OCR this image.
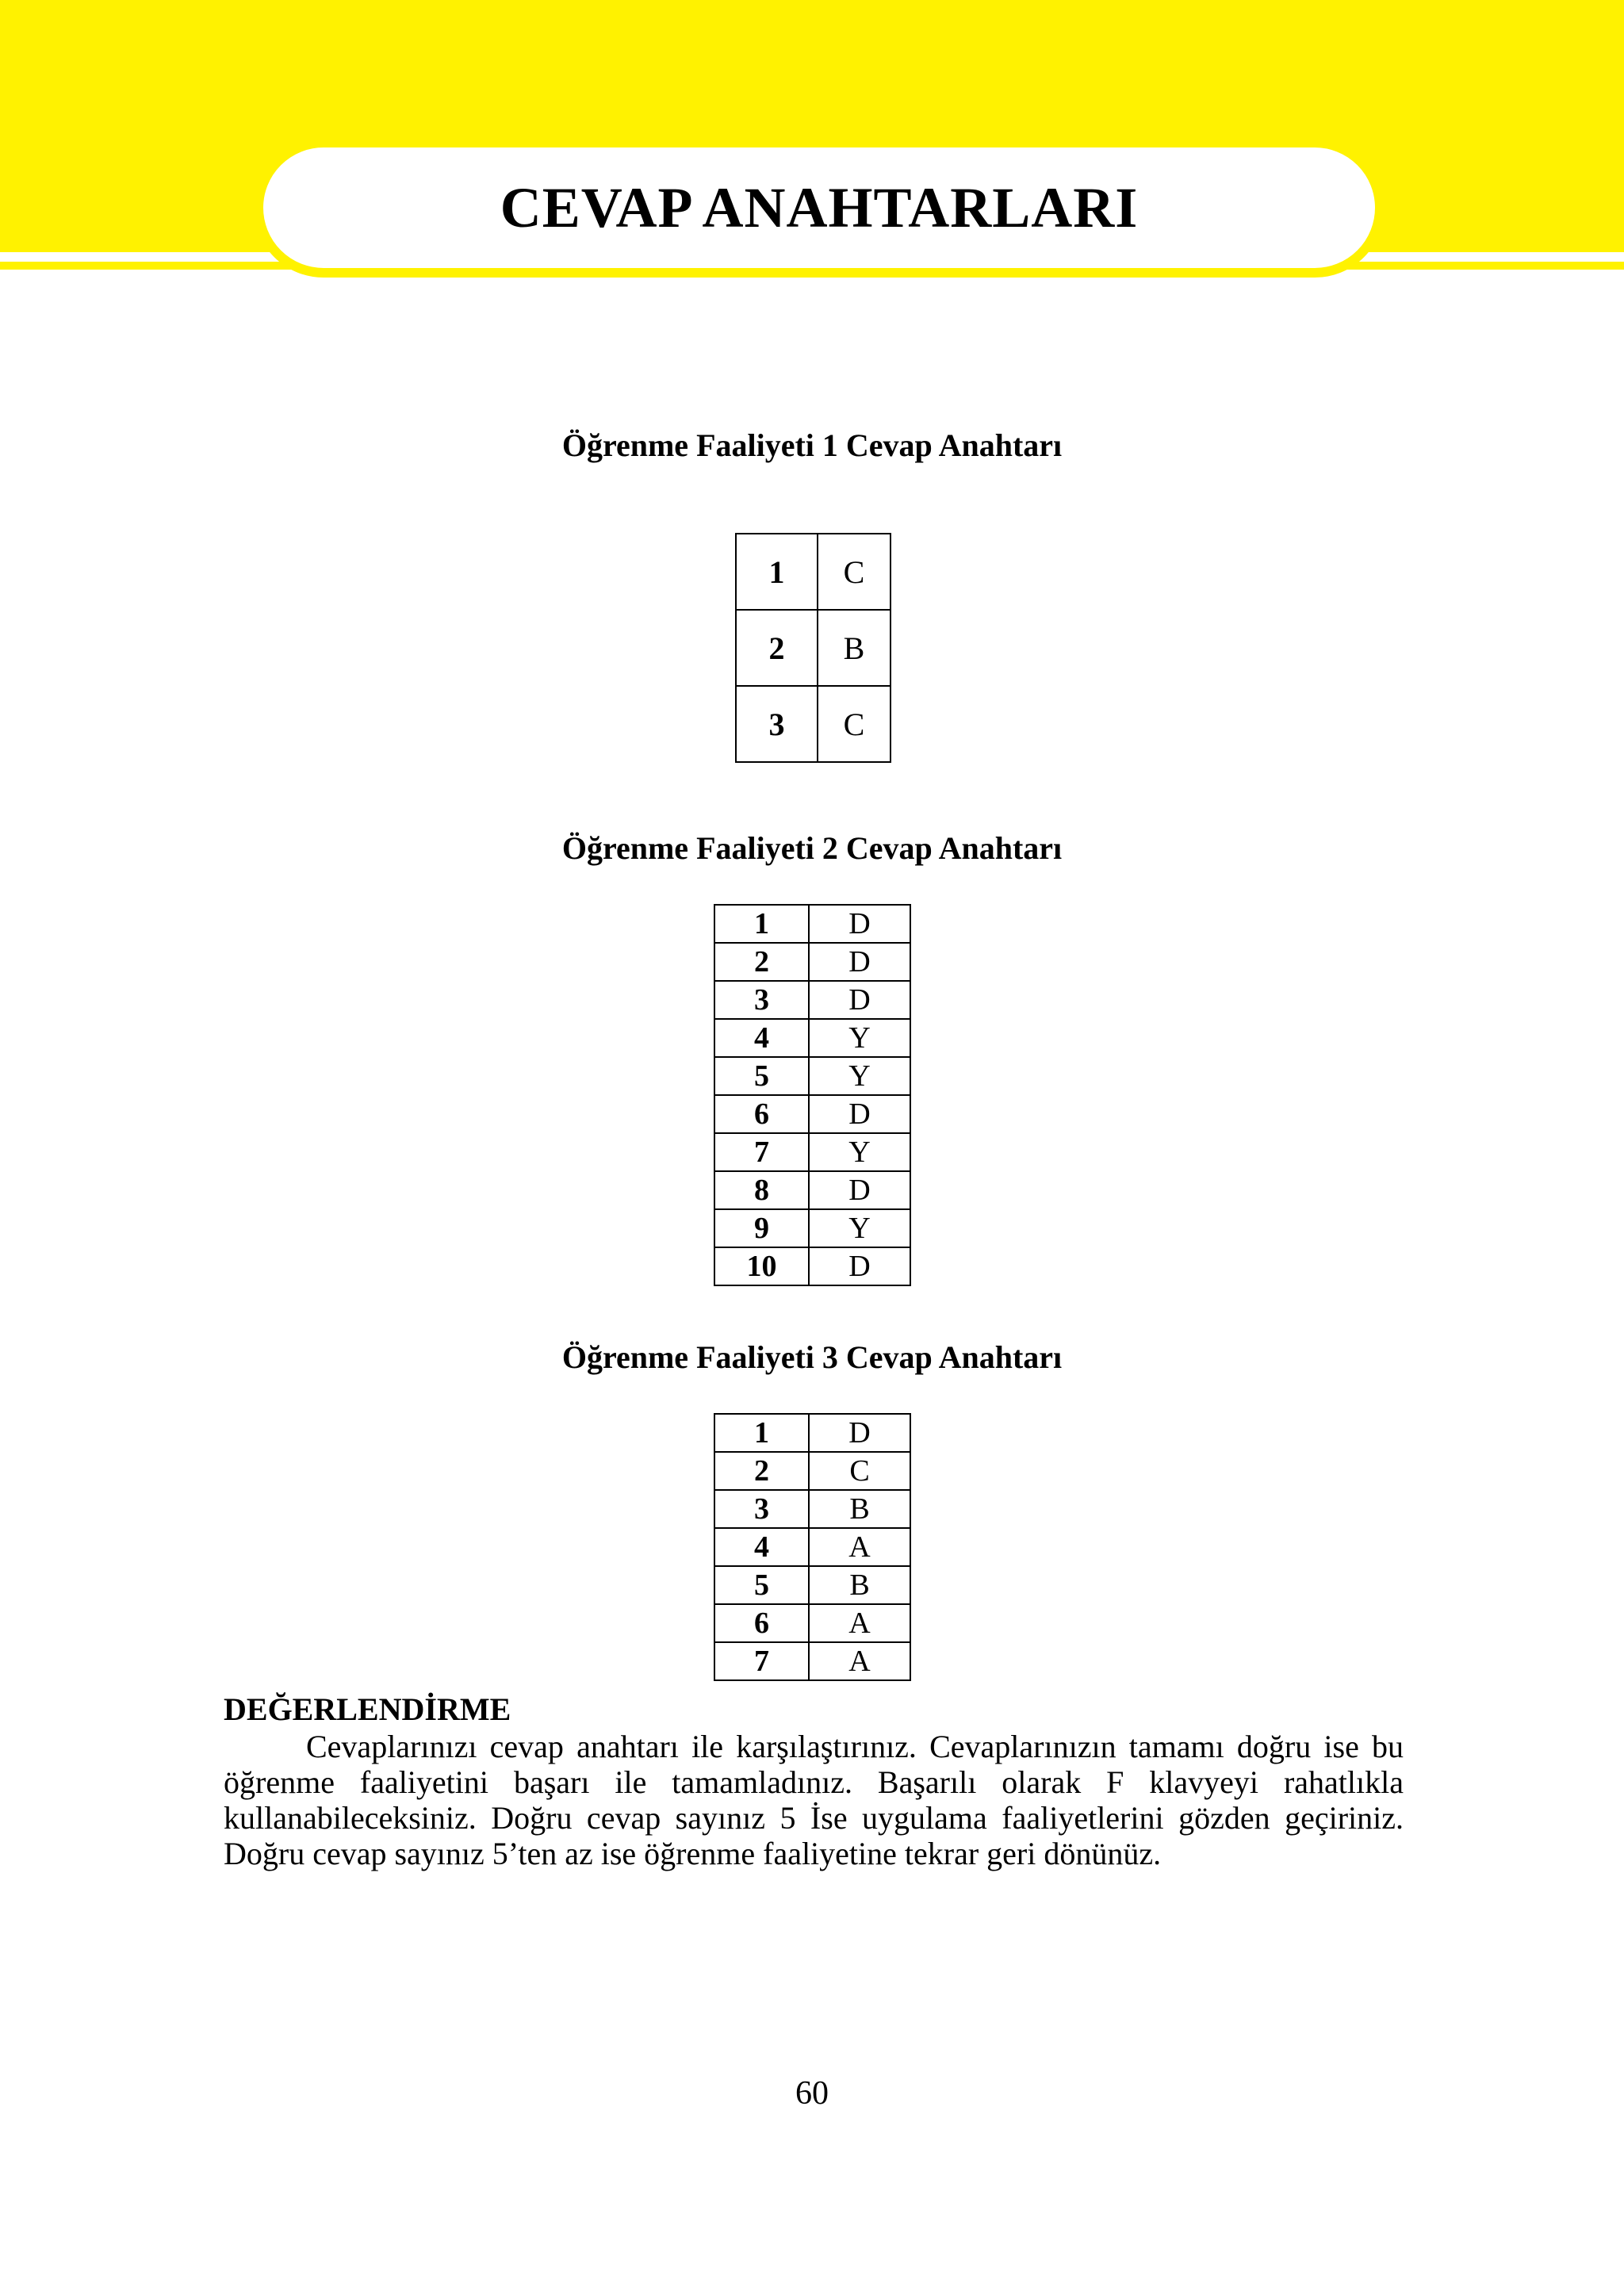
CEVAP ANAHTARLARI
Öğrenme Faaliyeti 1 Cevap Anahtarı
1	C
2	B
3	C
Öğrenme Faaliyeti 2 Cevap Anahtarı
1	D
2	D
3	D
4	Y
5	Y
6	D
7	Y
8	D
9	Y
10	D
Öğrenme Faaliyeti 3 Cevap Anahtarı
1	D
2	C
3	B
4	A
5	B
6	A
7	A
DEĞERLENDİRME

Cevaplarınızı cevap anahtarı ile karşılaştırınız. Cevaplarınızın tamamı doğru ise bu öğrenme faaliyetini başarı ile tamamladınız. Başarılı olarak F klavyeyi rahatlıkla kullanabileceksiniz. Doğru cevap sayınız 5 İse uygulama faaliyetlerini gözden geçiriniz. Doğru cevap sayınız 5’ten az ise öğrenme faaliyetine tekrar geri dönünüz.

60
